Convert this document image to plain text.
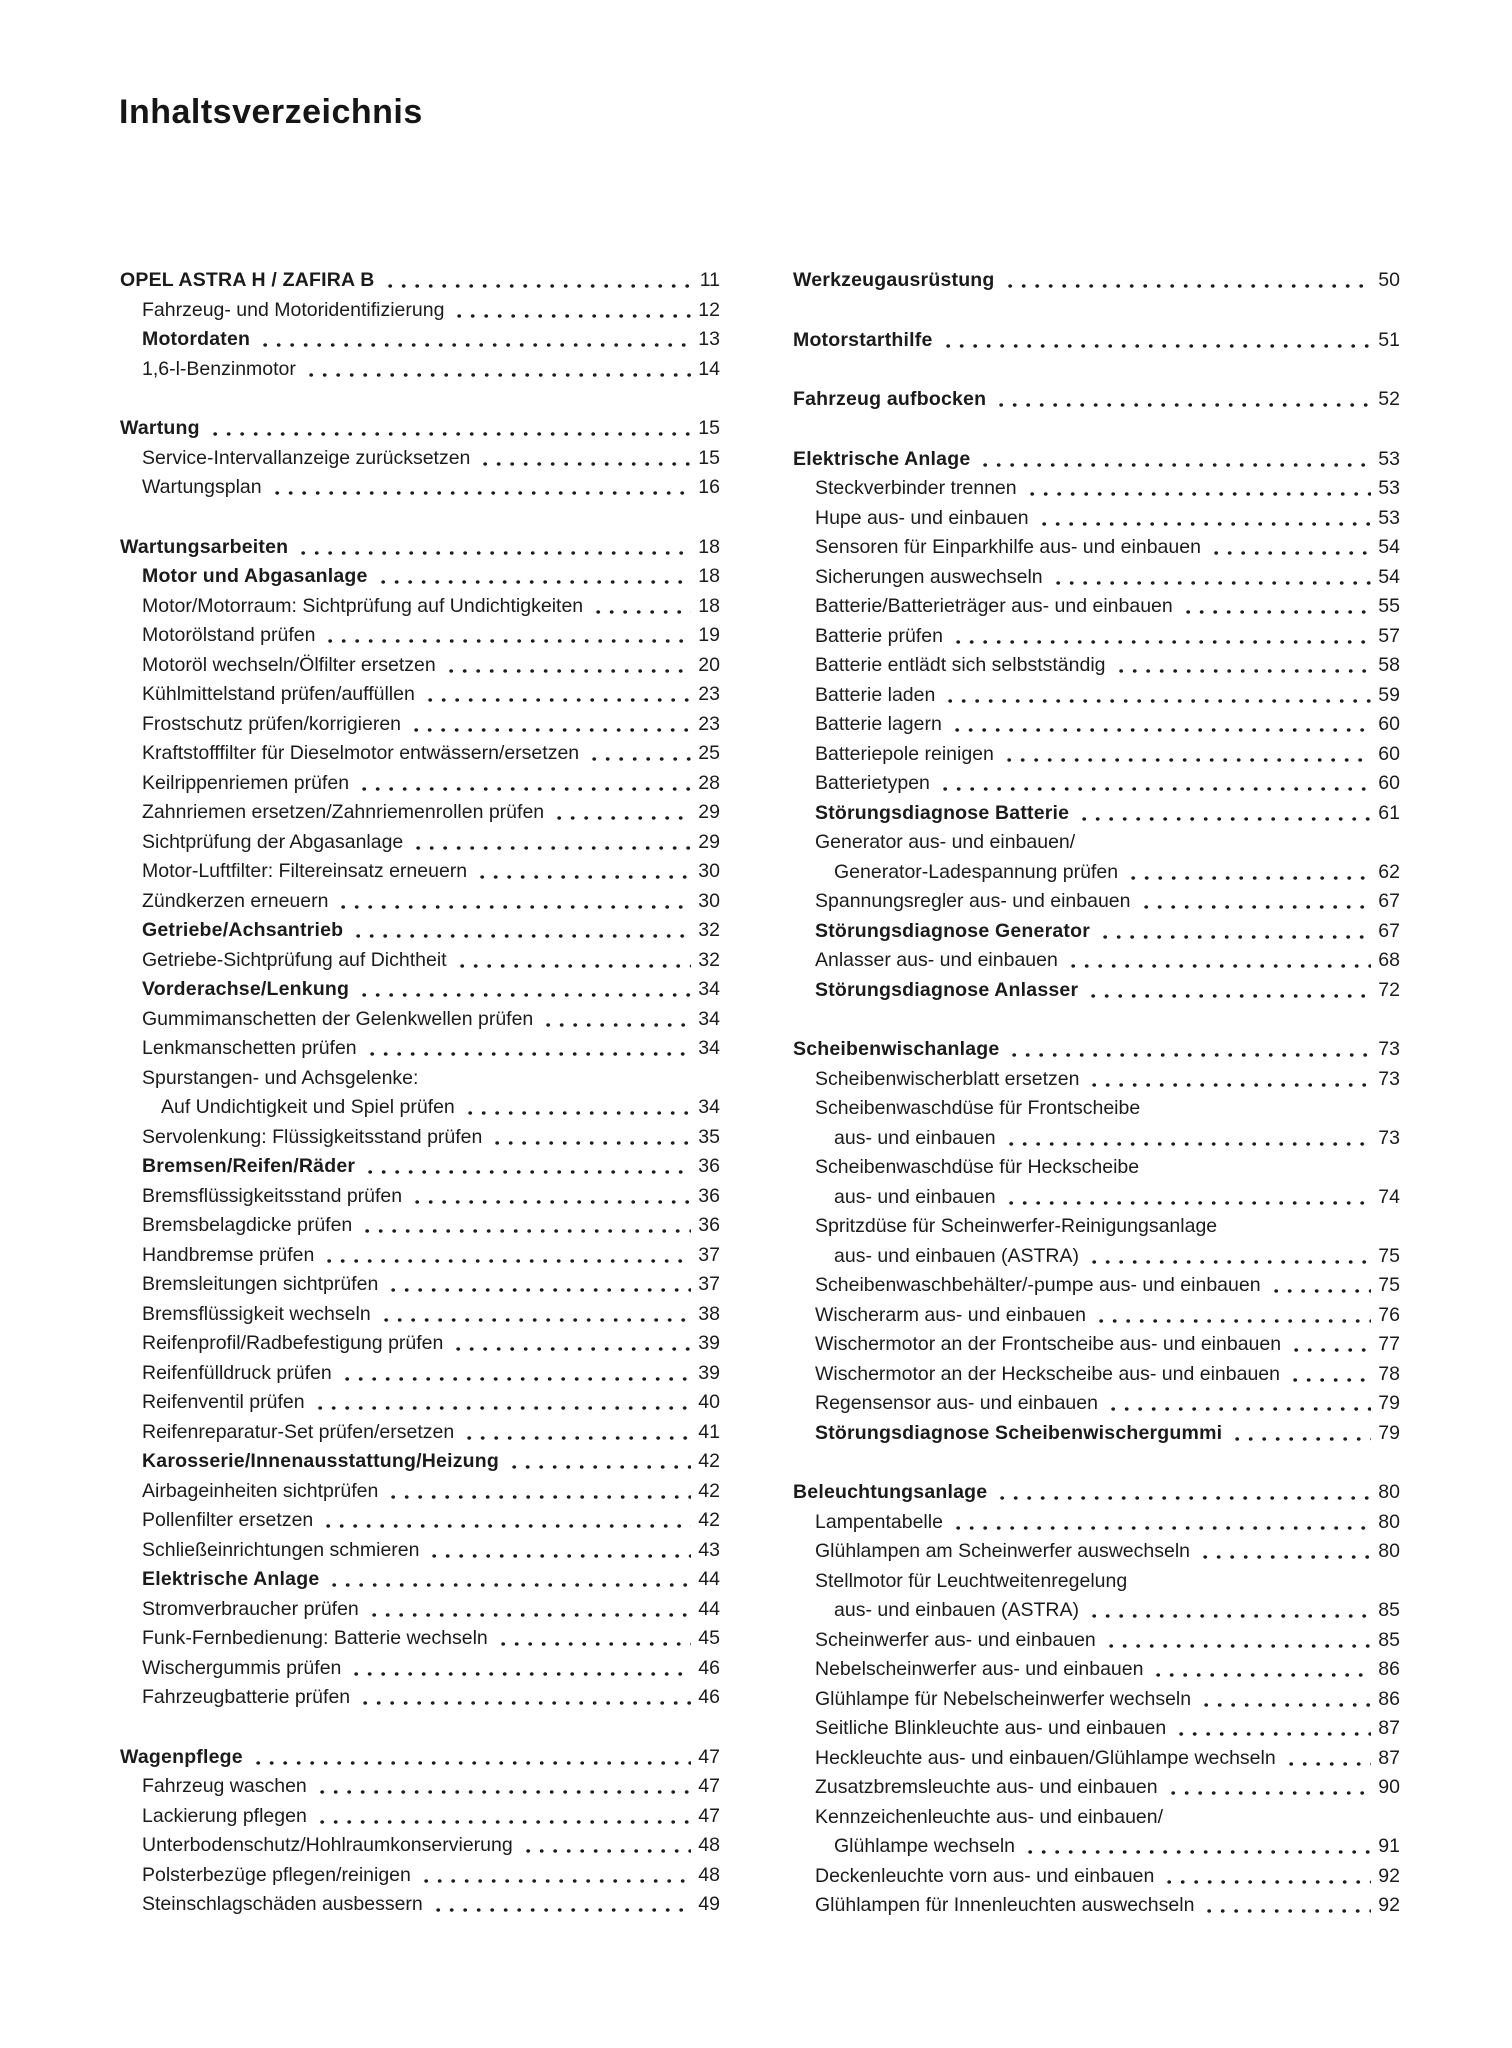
Inhaltsverzeichnis
OPEL ASTRA H / ZAFIRA B	11
Fahrzeug- und Motoridentifizierung	12
Motordaten	13
1,6-l-Benzinmotor	14
Wartung	15
Service-Intervallanzeige zurücksetzen	15
Wartungsplan	16
Wartungsarbeiten	18
Motor und Abgasanlage	18
Motor/Motorraum: Sichtprüfung auf Undichtigkeiten	18
Motorölstand prüfen	19
Motoröl wechseln/Ölfilter ersetzen	20
Kühlmittelstand prüfen/auffüllen	23
Frostschutz prüfen/korrigieren	23
Kraftstofffilter für Dieselmotor entwässern/ersetzen	25
Keilrippenriemen prüfen	28
Zahnriemen ersetzen/Zahnriemenrollen prüfen	29
Sichtprüfung der Abgasanlage	29
Motor-Luftfilter: Filtereinsatz erneuern	30
Zündkerzen erneuern	30
Getriebe/Achsantrieb	32
Getriebe-Sichtprüfung auf Dichtheit	32
Vorderachse/Lenkung	34
Gummimanschetten der Gelenkwellen prüfen	34
Lenkmanschetten prüfen	34
Spurstangen- und Achsgelenke:
Auf Undichtigkeit und Spiel prüfen	34
Servolenkung: Flüssigkeitsstand prüfen	35
Bremsen/Reifen/Räder	36
Bremsflüssigkeitsstand prüfen	36
Bremsbelagdicke prüfen	36
Handbremse prüfen	37
Bremsleitungen sichtprüfen	37
Bremsflüssigkeit wechseln	38
Reifenprofil/Radbefestigung prüfen	39
Reifenfülldruck prüfen	39
Reifenventil prüfen	40
Reifenreparatur-Set prüfen/ersetzen	41
Karosserie/Innenausstattung/Heizung	42
Airbageinheiten sichtprüfen	42
Pollenfilter ersetzen	42
Schließeinrichtungen schmieren	43
Elektrische Anlage	44
Stromverbraucher prüfen	44
Funk-Fernbedienung: Batterie wechseln	45
Wischergummis prüfen	46
Fahrzeugbatterie prüfen	46
Wagenpflege	47
Fahrzeug waschen	47
Lackierung pflegen	47
Unterbodenschutz/Hohlraumkonservierung	48
Polsterbezüge pflegen/reinigen	48
Steinschlagschäden ausbessern	49
Werkzeugausrüstung	50
Motorstarthilfe	51
Fahrzeug aufbocken	52
Elektrische Anlage	53
Steckverbinder trennen	53
Hupe aus- und einbauen	53
Sensoren für Einparkhilfe aus- und einbauen	54
Sicherungen auswechseln	54
Batterie/Batterieträger aus- und einbauen	55
Batterie prüfen	57
Batterie entlädt sich selbstständig	58
Batterie laden	59
Batterie lagern	60
Batteriepole reinigen	60
Batterietypen	60
Störungsdiagnose Batterie	61
Generator aus- und einbauen/
Generator-Ladespannung prüfen	62
Spannungsregler aus- und einbauen	67
Störungsdiagnose Generator	67
Anlasser aus- und einbauen	68
Störungsdiagnose Anlasser	72
Scheibenwischanlage	73
Scheibenwischerblatt ersetzen	73
Scheibenwaschdüse für Frontscheibe
aus- und einbauen	73
Scheibenwaschdüse für Heckscheibe
aus- und einbauen	74
Spritzdüse für Scheinwerfer-Reinigungsanlage
aus- und einbauen (ASTRA)	75
Scheibenwaschbehälter/-pumpe aus- und einbauen	75
Wischerarm aus- und einbauen	76
Wischermotor an der Frontscheibe aus- und einbauen	77
Wischermotor an der Heckscheibe aus- und einbauen	78
Regensensor aus- und einbauen	79
Störungsdiagnose Scheibenwischergummi	79
Beleuchtungsanlage	80
Lampentabelle	80
Glühlampen am Scheinwerfer auswechseln	80
Stellmotor für Leuchtweitenregelung
aus- und einbauen (ASTRA)	85
Scheinwerfer aus- und einbauen	85
Nebelscheinwerfer aus- und einbauen	86
Glühlampe für Nebelscheinwerfer wechseln	86
Seitliche Blinkleuchte aus- und einbauen	87
Heckleuchte aus- und einbauen/Glühlampe wechseln	87
Zusatzbremsleuchte aus- und einbauen	90
Kennzeichenleuchte aus- und einbauen/
Glühlampe wechseln	91
Deckenleuchte vorn aus- und einbauen	92
Glühlampen für Innenleuchten auswechseln	92
